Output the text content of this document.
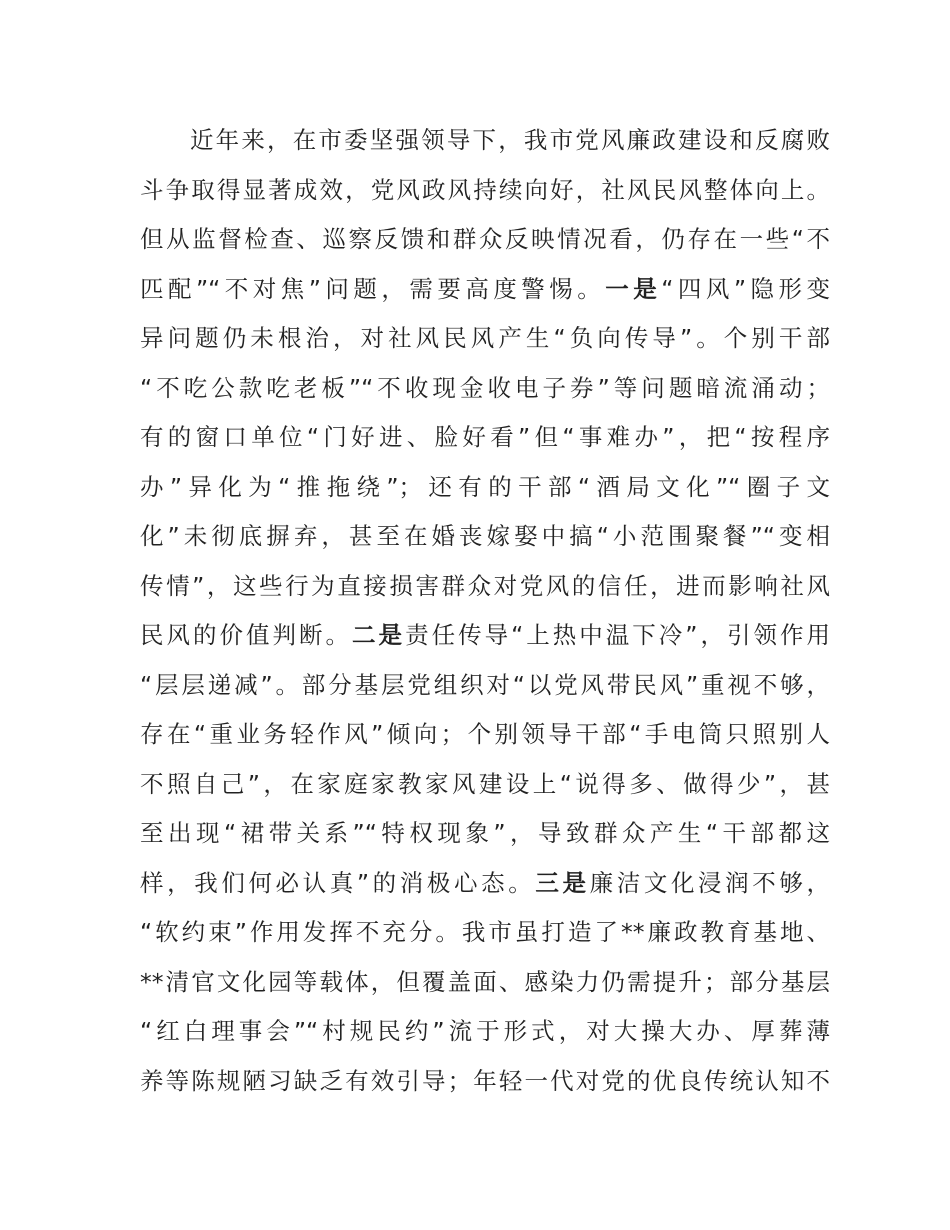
近年来，在市委坚强领导下，我市党风廉政建设和反腐败
斗争取得显著成效，党风政风持续向好，社风民风整体向上。
但从监督检查、巡察反馈和群众反映情况看，仍存在一些“不
匹配”“不对焦”问题，需要高度警惕。一是“四风”隐形变
异问题仍未根治，对社风民风产生“负向传导”。个别干部
“不吃公款吃老板”“不收现金收电子券”等问题暗流涌动；
有的窗口单位“门好进、脸好看”但“事难办”，把“按程序
办”异化为“推拖绕”；还有的干部“酒局文化”“圈子文
化”未彻底摒弃，甚至在婚丧嫁娶中搞“小范围聚餐”“变相
传情”，这些行为直接损害群众对党风的信任，进而影响社风
民风的价值判断。二是责任传导“上热中温下冷”，引领作用
“层层递减”。部分基层党组织对“以党风带民风”重视不够，
存在“重业务轻作风”倾向；个别领导干部“手电筒只照别人
不照自己”，在家庭家教家风建设上“说得多、做得少”，甚
至出现“裙带关系”“特权现象”，导致群众产生“干部都这
样，我们何必认真”的消极心态。三是廉洁文化浸润不够，
“软约束”作用发挥不充分。我市虽打造了**廉政教育基地、
**清官文化园等载体，但覆盖面、感染力仍需提升；部分基层
“红白理事会”“村规民约”流于形式，对大操大办、厚葬薄
养等陈规陋习缺乏有效引导；年轻一代对党的优良传统认知不
